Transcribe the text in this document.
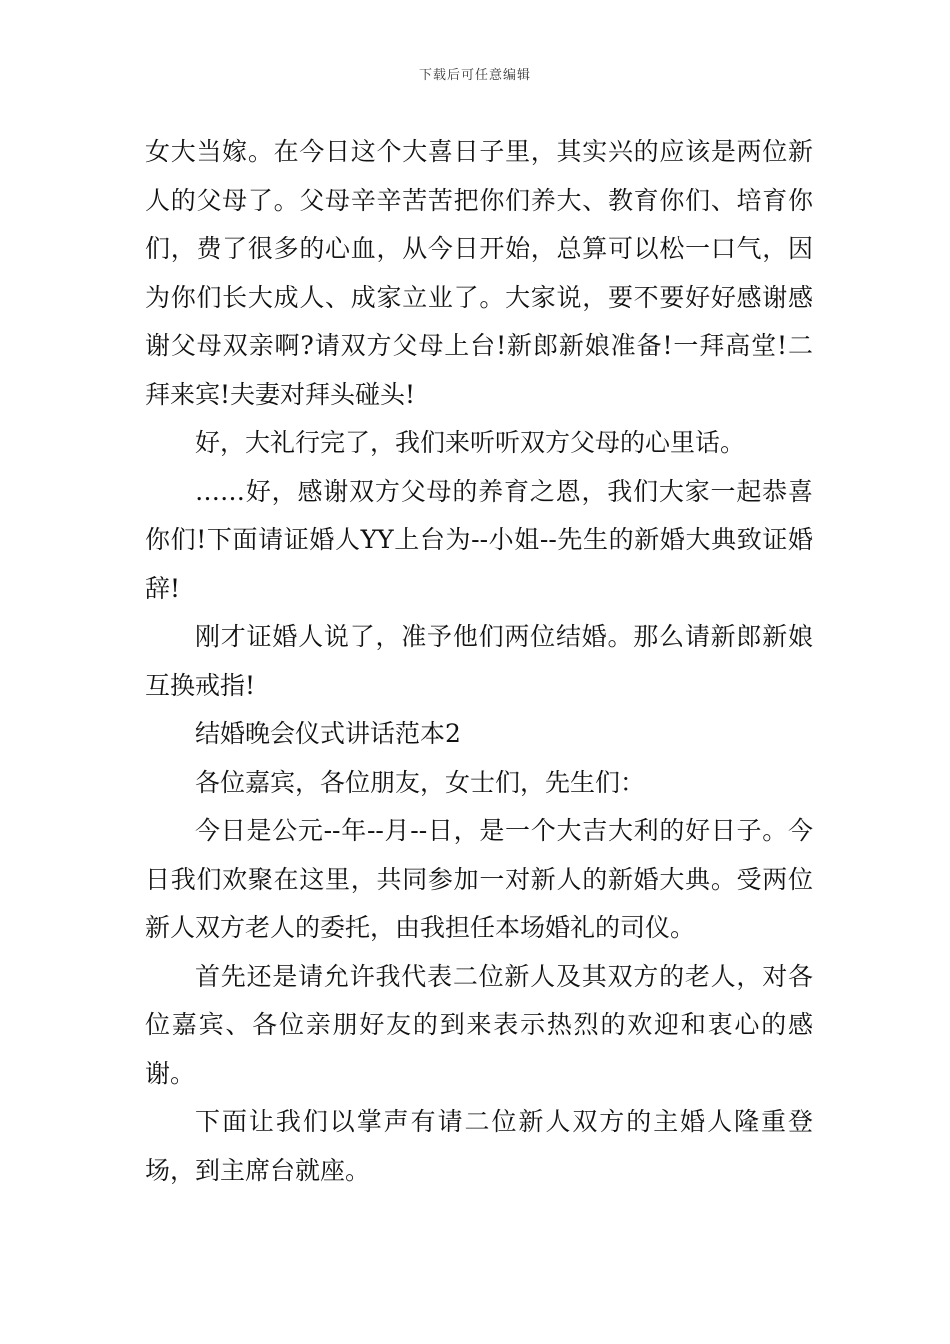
下载后可任意编辑

女大当嫁。在今日这个大喜日子里，其实兴的应该是两位新人的父母了。父母辛辛苦苦把你们养大、教育你们、培育你们，费了很多的心血，从今日开始，总算可以松一口气，因为你们长大成人、成家立业了。大家说，要不要好好感谢感谢父母双亲啊?请双方父母上台!新郎新娘准备!一拜高堂!二拜来宾!夫妻对拜头碰头!

好，大礼行完了，我们来听听双方父母的心里话。

……好，感谢双方父母的养育之恩，我们大家一起恭喜你们!下面请证婚人YY上台为--小姐--先生的新婚大典致证婚辞!

刚才证婚人说了，准予他们两位结婚。那么请新郎新娘互换戒指!

结婚晚会仪式讲话范本2

各位嘉宾，各位朋友，女士们，先生们：

今日是公元--年--月--日，是一个大吉大利的好日子。今日我们欢聚在这里，共同参加一对新人的新婚大典。受两位新人双方老人的委托，由我担任本场婚礼的司仪。

首先还是请允许我代表二位新人及其双方的老人，对各位嘉宾、各位亲朋好友的到来表示热烈的欢迎和衷心的感谢。

下面让我们以掌声有请二位新人双方的主婚人隆重登场，到主席台就座。
